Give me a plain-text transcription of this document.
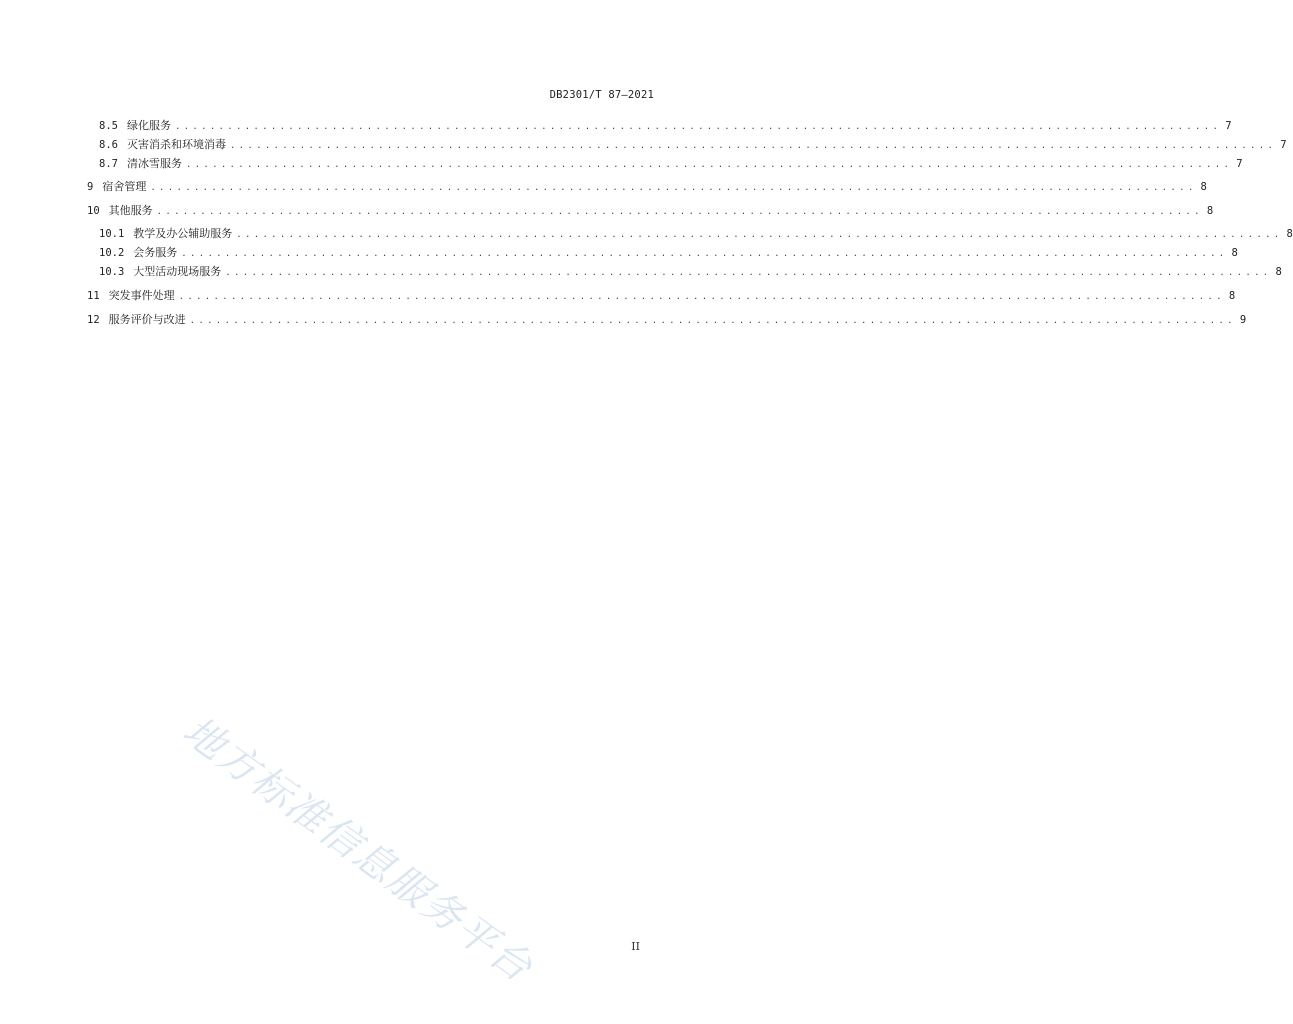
DB2301/T 87—2021
8.5 绿化服务 ........................................................................................................................ 7
8.6 灭害消杀和环境消毒 ........................................................................................................................ 7
8.7 清冰雪服务 ........................................................................................................................ 7
9 宿舍管理 ........................................................................................................................ 8
10 其他服务 ........................................................................................................................ 8
10.1 教学及办公辅助服务 ........................................................................................................................ 8
10.2 会务服务 ........................................................................................................................ 8
10.3 大型活动现场服务 ........................................................................................................................ 8
11 突发事件处理 ........................................................................................................................ 8
12 服务评价与改进 ........................................................................................................................ 9
地方标准信息服务平台	II
